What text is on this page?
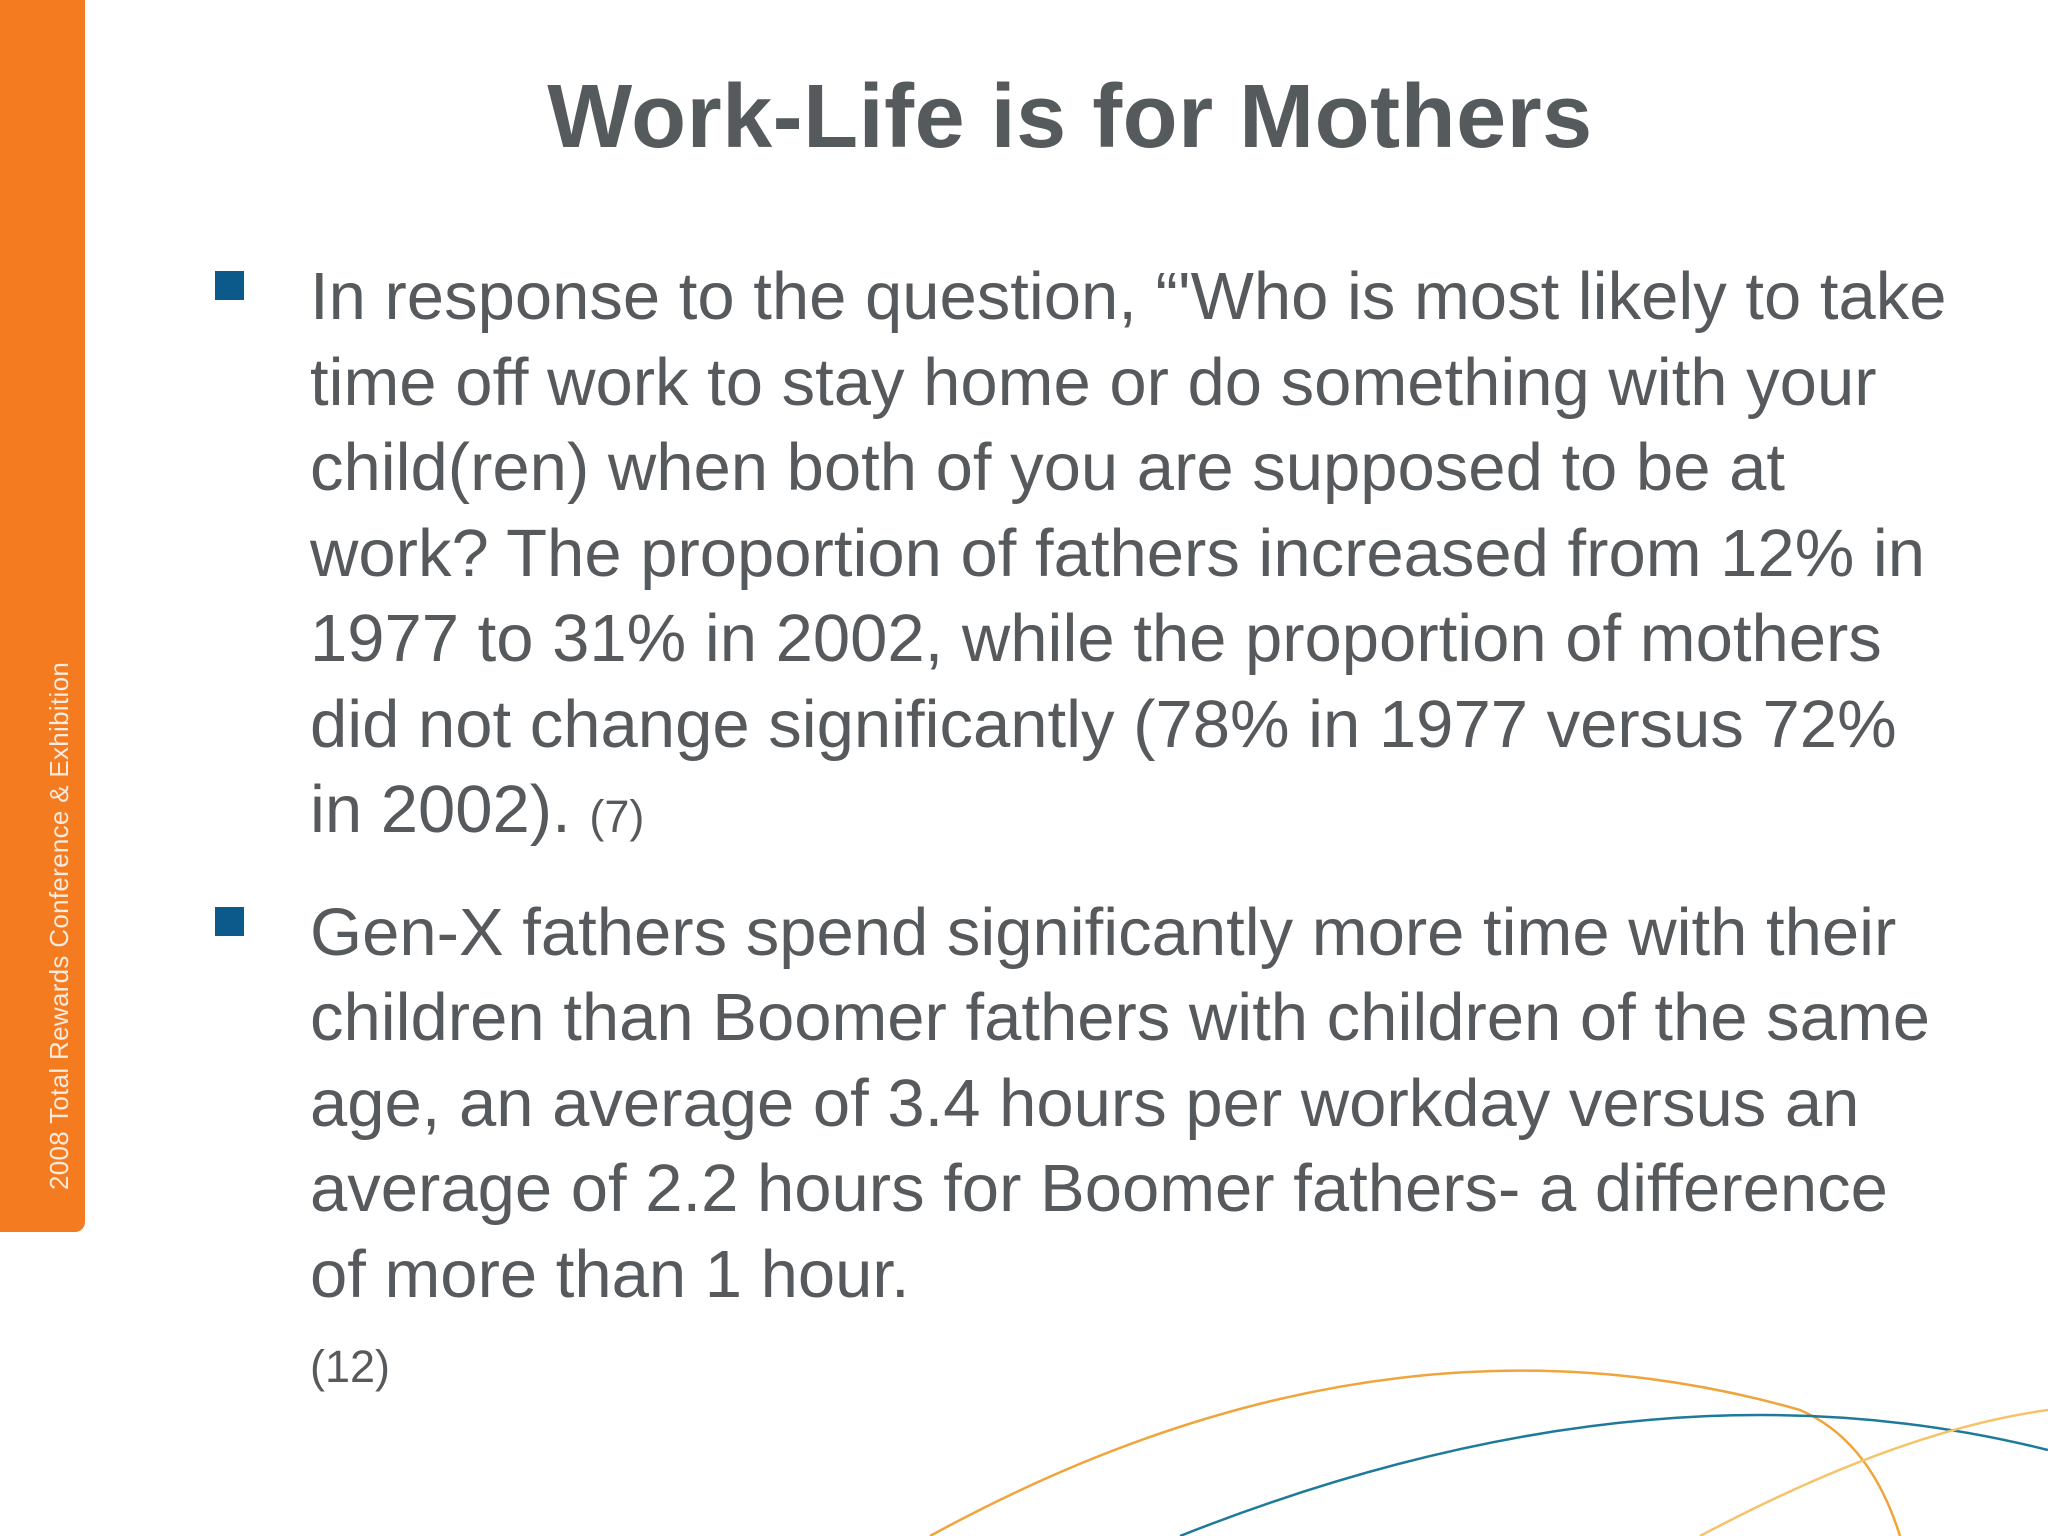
2008 Total Rewards Conference & Exhibition
Work-Life is for Mothers
In response to the question, “'Who is most likely to take time off work to stay home or do something with your child(ren) when both of you are supposed to be at work? The proportion of fathers increased from 12% in 1977 to 31% in 2002, while the proportion of mothers did not change significantly (78% in 1977 versus 72% in 2002). (7)
Gen-X fathers spend significantly more time with their children than Boomer fathers with children of the same age, an average of 3.4 hours per workday versus an average of 2.2 hours for Boomer fathers- a difference of more than 1 hour.
(12)
